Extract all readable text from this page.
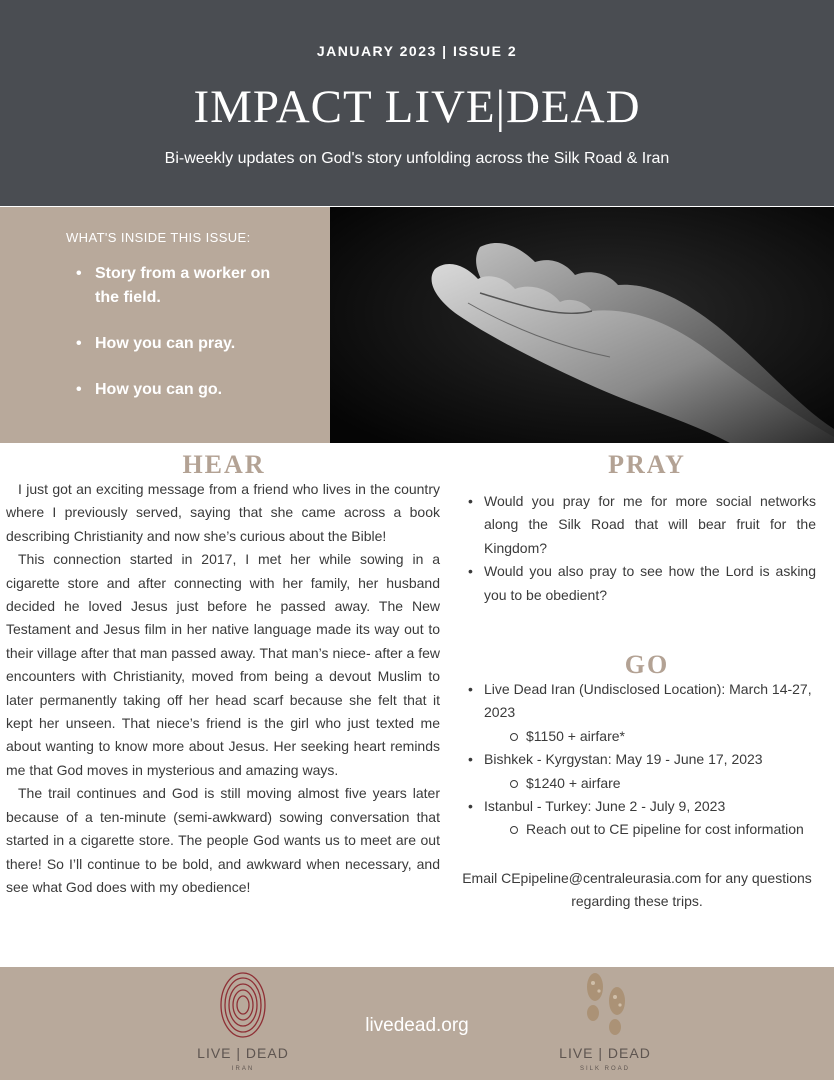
JANUARY 2023 | ISSUE 2
IMPACT LIVE|DEAD
Bi-weekly updates on God's story unfolding across the Silk Road & Iran
WHAT'S INSIDE THIS ISSUE:
• Story from a worker on the field.
• How you can pray.
• How you can go.
HEAR

I just got an exciting message from a friend who lives in the country where I previously served, saying that she came across a book describing Christianity and now she’s curious about the Bible!

This connection started in 2017, I met her while sowing in a cigarette store and after connecting with her family, her husband decided he loved Jesus just before he passed away. The New Testament and Jesus film in her native language made its way out to their village after that man passed away. That man’s niece- after a few encounters with Christianity, moved from being a devout Muslim to later permanently taking off her head scarf because she felt that it kept her unseen. That niece’s friend is the girl who just texted me about wanting to know more about Jesus. Her seeking heart reminds me that God moves in mysterious and amazing ways.

The trail continues and God is still moving almost five years later because of a ten-minute (semi-awkward) sowing conversation that started in a cigarette store. The people God wants us to meet are out there! So I’ll continue to be bold, and awkward when necessary, and see what God does with my obedience!

PRAY
• Would you pray for me for more social networks along the Silk Road that will bear fruit for the Kingdom?
• Would you also pray to see how the Lord is asking you to be obedient?
GO
• Live Dead Iran (Undisclosed Location): March 14-27, 2023
$1150 + airfare*
• Bishkek - Kyrgystan: May 19 - June 17, 2023
$1240 + airfare
• Istanbul - Turkey: June 2 - July 9, 2023
Reach out to CE pipeline for cost information
Email CEpipeline@centraleurasia.com for any questions regarding these trips.
LIVE | DEAD
IRAN
livedead.org
LIVE | DEAD
SILK ROAD
